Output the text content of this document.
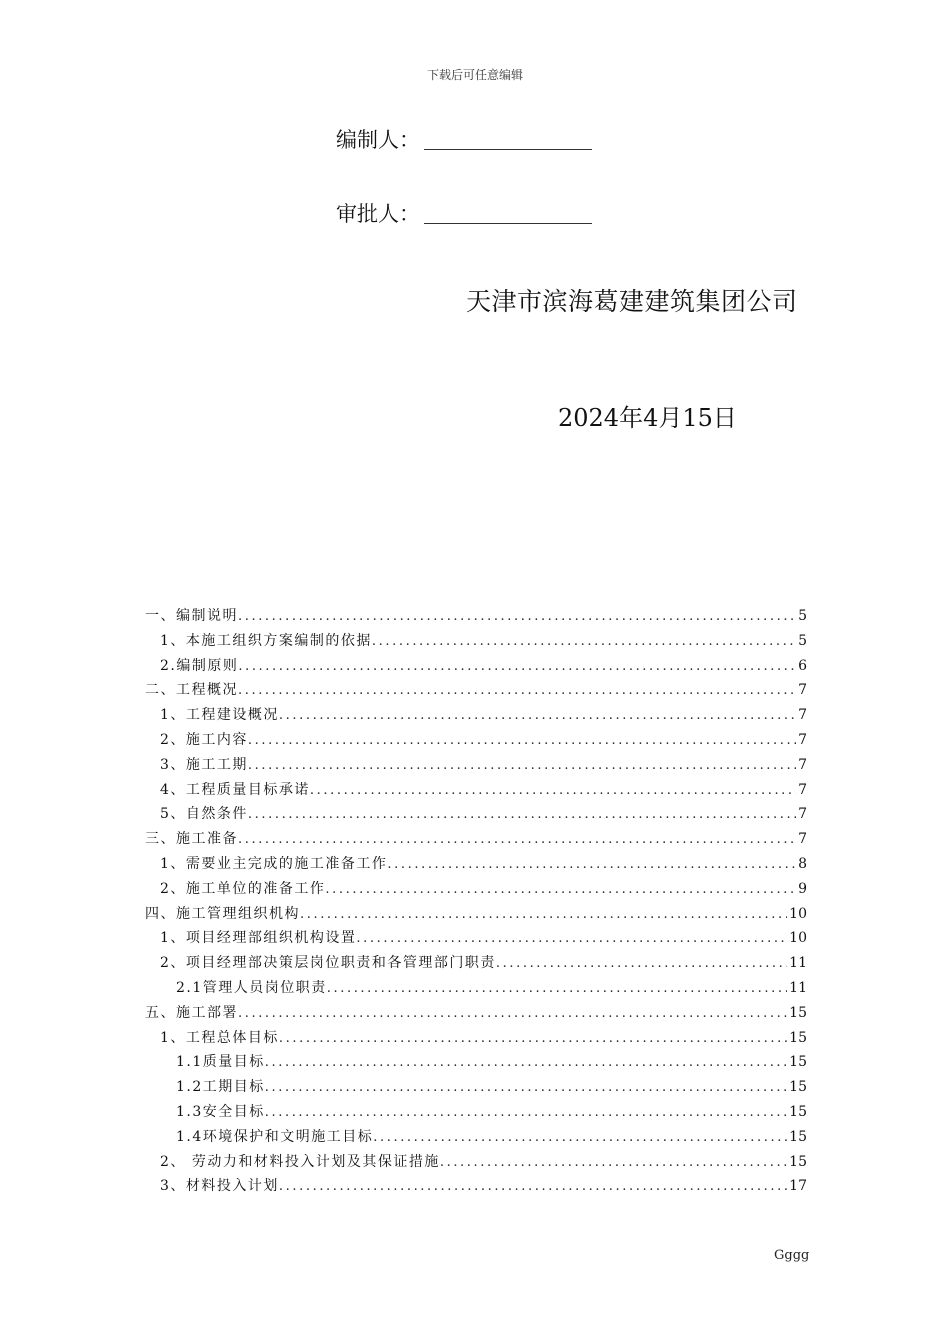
下载后可任意编辑
编制人：
审批人：
天津市滨海葛建建筑集团公司
2024年4月15日
一、编制说明 .....	5
1、本施工组织方案编制的依据 .....	5
2.编制原则 .....	6
二、工程概况 .....	7
1、工程建设概况 .....	7
2、施工内容 .....	7
3、施工工期 .....	7
4、工程质量目标承诺 .....	7
5、自然条件 .....	7
三、施工准备 .....	7
1、需要业主完成的施工准备工作 .....	8
2、施工单位的准备工作 .....	9
四、施工管理组织机构 .....	10
1、项目经理部组织机构设置 .....	10
2、项目经理部决策层岗位职责和各管理部门职责 .....	11
2.1管理人员岗位职责 .....	11
五、施工部署 .....	15
1、工程总体目标 .....	15
1.1质量目标 .....	15
1.2工期目标 .....	15
1.3安全目标 .....	15
1.4环境保护和文明施工目标 .....	15
2、 劳动力和材料投入计划及其保证措施 .....	15
3、材料投入计划 .....	17
Gggg
